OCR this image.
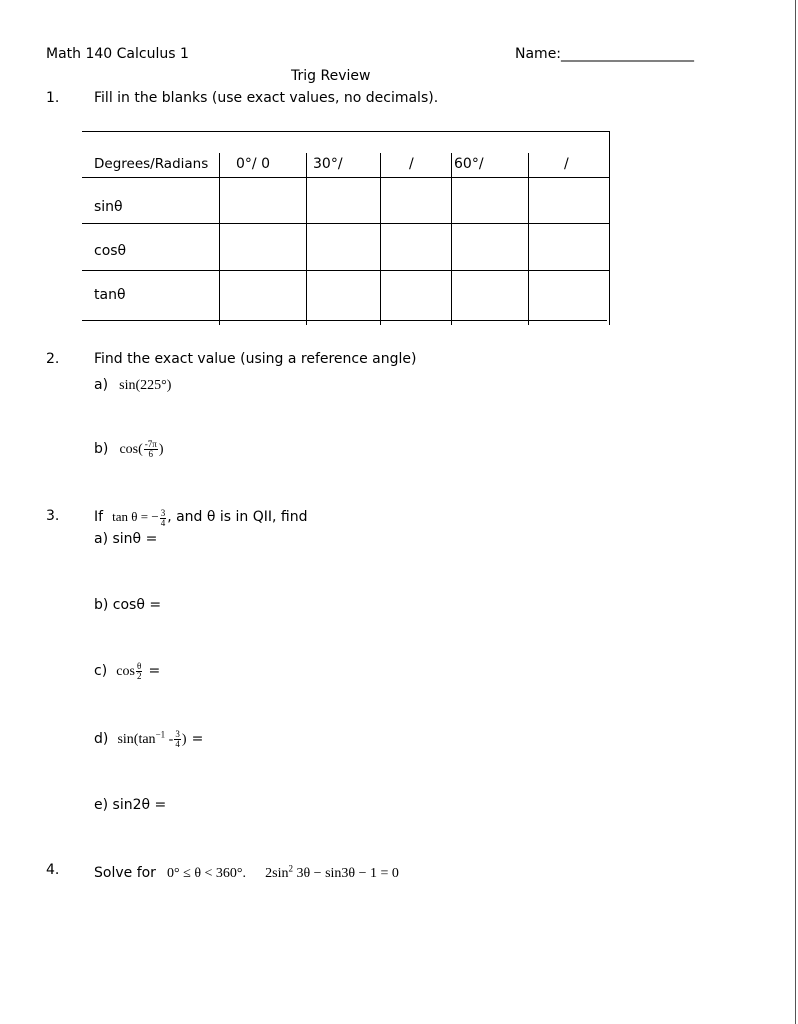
Math 140 Calculus 1	Name:___________________
Trig Review
1. Fill in the blanks (use exact values, no decimals).
Degrees/Radians 0°/ 0	30°/	/	60°/	/
sinθ
cosθ
tanθ
2. Find the exact value (using a reference angle)
a) sin(225°)
b) $\cos( \frac{-7\pi}{6}$ )
3. If tan θ = − $\frac{3}{4}$ , and θ is in QII, find
a) sinθ =
b) cosθ =
c) $\cos \frac{\theta}{2}$ =
d) $\sin(\tan^{-1} - \frac{3}{4}$ ) =
e) sin2θ =
4. Solve for 0° ≤ θ < 360°. $2\sin^2$ 3θ − sin3θ − 1 = 0
